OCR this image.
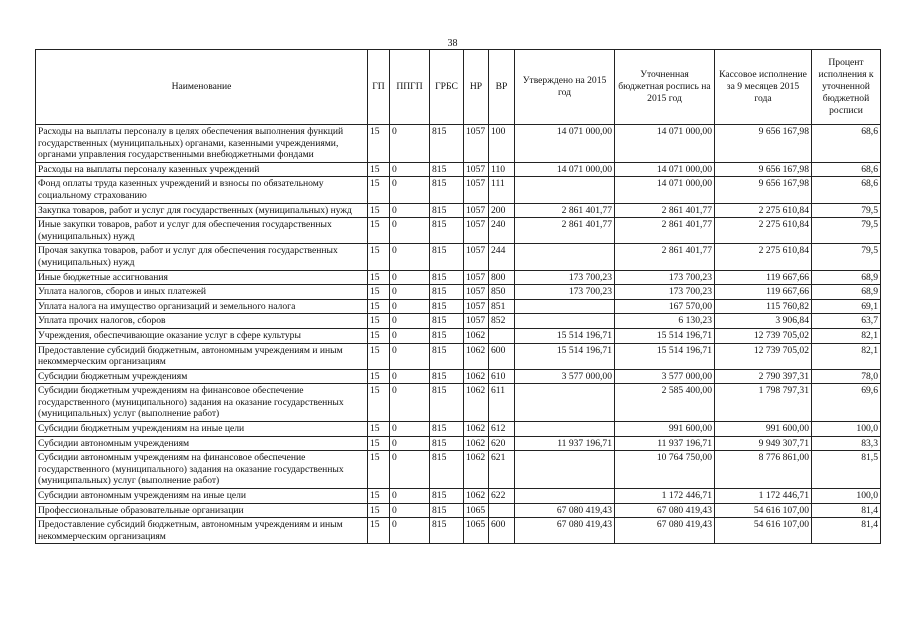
38
Наименование	ГП	ППГП	ГРБС	НР	ВР	Утверждено на 2015 год	Уточненная бюджетная роспись на 2015 год	Кассовое исполнение за 9 месяцев 2015 года	Процент исполнения к уточненной бюджетной росписи
Расходы на выплаты персоналу в целях обеспечения выполнения функций государственных (муниципальных) органами, казенными учреждениями, органами управления государственными внебюджетными фондами	15	0	815	1057	100	14 071 000,00	14 071 000,00	9 656 167,98	68,6
Расходы на выплаты персоналу казенных учреждений	15	0	815	1057	110	14 071 000,00	14 071 000,00	9 656 167,98	68,6
Фонд оплаты труда казенных учреждений и взносы по обязательному социальному страхованию	15	0	815	1057	111		14 071 000,00	9 656 167,98	68,6
Закупка товаров, работ и услуг для государственных (муниципальных) нужд	15	0	815	1057	200	2 861 401,77	2 861 401,77	2 275 610,84	79,5
Иные закупки товаров, работ и услуг для обеспечения государственных (муниципальных) нужд	15	0	815	1057	240	2 861 401,77	2 861 401,77	2 275 610,84	79,5
Прочая закупка товаров, работ и услуг для обеспечения государственных (муниципальных) нужд	15	0	815	1057	244		2 861 401,77	2 275 610,84	79,5
Иные бюджетные ассигнования	15	0	815	1057	800	173 700,23	173 700,23	119 667,66	68,9
Уплата налогов, сборов и иных платежей	15	0	815	1057	850	173 700,23	173 700,23	119 667,66	68,9
Уплата налога на имущество организаций и земельного налога	15	0	815	1057	851		167 570,00	115 760,82	69,1
Уплата прочих налогов, сборов	15	0	815	1057	852		6 130,23	3 906,84	63,7
Учреждения, обеспечивающие оказание услуг в сфере культуры	15	0	815	1062		15 514 196,71	15 514 196,71	12 739 705,02	82,1
Предоставление субсидий бюджетным, автономным учреждениям и иным некоммерческим организациям	15	0	815	1062	600	15 514 196,71	15 514 196,71	12 739 705,02	82,1
Субсидии бюджетным учреждениям	15	0	815	1062	610	3 577 000,00	3 577 000,00	2 790 397,31	78,0
Субсидии бюджетным учреждениям на финансовое обеспечение государственного (муниципального) задания на оказание государственных (муниципальных) услуг (выполнение работ)	15	0	815	1062	611		2 585 400,00	1 798 797,31	69,6
Субсидии бюджетным учреждениям на иные цели	15	0	815	1062	612		991 600,00	991 600,00	100,0
Субсидии автономным учреждениям	15	0	815	1062	620	11 937 196,71	11 937 196,71	9 949 307,71	83,3
Субсидии автономным учреждениям на финансовое обеспечение государственного (муниципального) задания на оказание государственных (муниципальных) услуг (выполнение работ)	15	0	815	1062	621		10 764 750,00	8 776 861,00	81,5
Субсидии автономным учреждениям на иные цели	15	0	815	1062	622		1 172 446,71	1 172 446,71	100,0
Профессиональные образовательные организации	15	0	815	1065		67 080 419,43	67 080 419,43	54 616 107,00	81,4
Предоставление субсидий бюджетным, автономным учреждениям и иным некоммерческим организациям	15	0	815	1065	600	67 080 419,43	67 080 419,43	54 616 107,00	81,4
